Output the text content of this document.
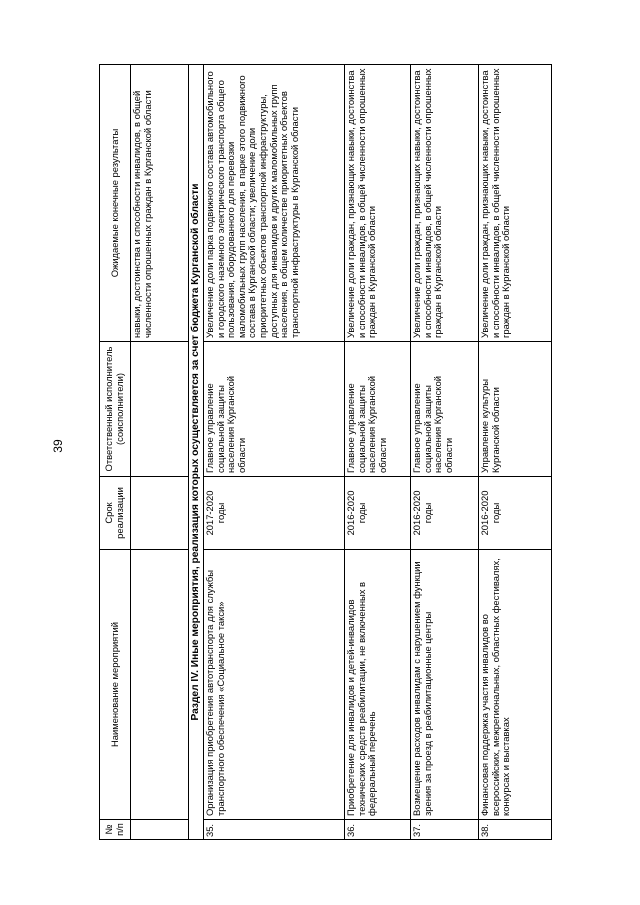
39
№ п/п	Наименование мероприятий	Срок реализации	Ответственный исполнитель (соисполнители)	Ожидаемые конечные результаты
				навыки, достоинства и способности инвалидов, в общей численности опрошенных граждан в Курганской области
Раздел IV. Иные мероприятия, реализация которых осуществляется за счет бюджета Курганской области				
35.	Организация приобретения автотранспорта для службы транспортного обеспечения «Социальное такси»	2017-2020 годы	Главное управление социальной защиты населения Курганской области	Увеличение доли парка подвижного состава автомобильного и городского наземного электрического транспорта общего пользования, оборудованного для перевозки маломобильных групп населения, в парке этого подвижного состава в Курганской области; увеличение доли приоритетных объектов транспортной инфраструктуры, доступных для инвалидов и других маломобильных групп населения, в общем количестве приоритетных объектов транспортной инфраструктуры в Курганской области
36.	Приобретение для инвалидов и детей-инвалидов технических средств реабилитации, не включенных в федеральный перечень	2016-2020 годы	Главное управление социальной защиты населения Курганской области	Увеличение доли граждан, признающих навыки, достоинства и способности инвалидов, в общей численности опрошенных граждан в Курганской области
37.	Возмещение расходов инвалидам с нарушением функции зрения за проезд в реабилитационные центры	2016-2020 годы	Главное управление социальной защиты населения Курганской области	Увеличение доли граждан, признающих навыки, достоинства и способности инвалидов, в общей численности опрошенных граждан в Курганской области
38.	Финансовая поддержка участия инвалидов во всероссийских, межрегиональных, областных фестивалях, конкурсах и выставках	2016-2020 годы	Управление культуры Курганской области	Увеличение доли граждан, признающих навыки, достоинства и способности инвалидов, в общей численности опрошенных граждан в Курганской области
